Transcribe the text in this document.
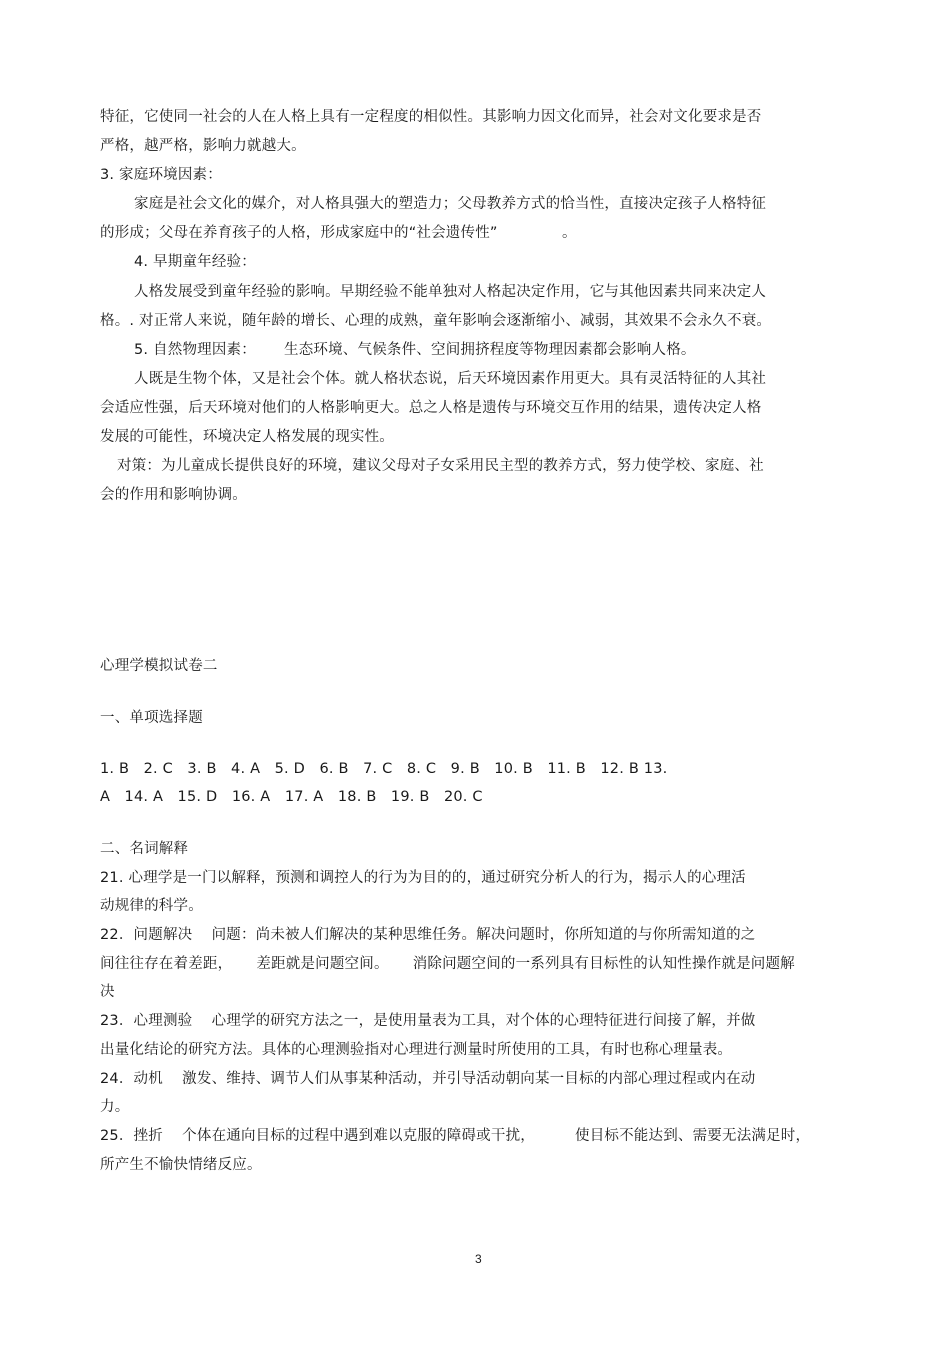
特征，它使同一社会的人在人格上具有一定程度的相似性。其影响力因文化而异，社会对文化要求是否
严格，越严格，影响力就越大。
3. 家庭环境因素：
家庭是社会文化的媒介，对人格具强大的塑造力；父母教养方式的恰当性，直接决定孩子人格特征
的形成；父母在养育孩子的人格，形成家庭中的“社会遗传性”	。
4. 早期童年经验：
人格发展受到童年经验的影响。早期经验不能单独对人格起决定作用，它与其他因素共同来决定人
格。. 对正常人来说，随年龄的增长、心理的成熟，童年影响会逐渐缩小、减弱，其效果不会永久不衰。
5. 自然物理因素： 生态环境、气候条件、空间拥挤程度等物理因素都会影响人格。
人既是生物个体，又是社会个体。就人格状态说，后天环境因素作用更大。具有灵活特征的人其社
会适应性强，后天环境对他们的人格影响更大。总之人格是遗传与环境交互作用的结果，遗传决定人格
发展的可能性，环境决定人格发展的现实性。
对策：为儿童成长提供良好的环境，建议父母对子女采用民主型的教养方式，努力使学校、家庭、社
会的作用和影响协调。
心理学模拟试卷二
一、单项选择题
1. B   2. C   3. B   4. A   5. D   6. B   7. C   8. C   9. B   10. B   11. B   12. B 13.
A   14. A   15. D   16. A   17. A   18. B   19. B   20. C
二、名词解释
21. 心理学是一门以解释，预测和调控人的行为为目的的，通过研究分析人的行为，揭示人的心理活
动规律的科学。
22．问题解决    问题：尚未被人们解决的某种思维任务。解决问题时，你所知道的与你所需知道的之
间往往存在着差距，     差距就是问题空间。     消除问题空间的一系列具有目标性的认知性操作就是问题解
决
23．心理测验    心理学的研究方法之一，是使用量表为工具，对个体的心理特征进行间接了解，并做
出量化结论的研究方法。具体的心理测验指对心理进行测量时所使用的工具，有时也称心理量表。
24．动机    激发、维持、调节人们从事某种活动，并引导活动朝向某一目标的内部心理过程或内在动
力。
25．挫折    个体在通向目标的过程中遇到难以克服的障碍或干扰，	使目标不能达到、需要无法满足时，
所产生不愉快情绪反应。
3
